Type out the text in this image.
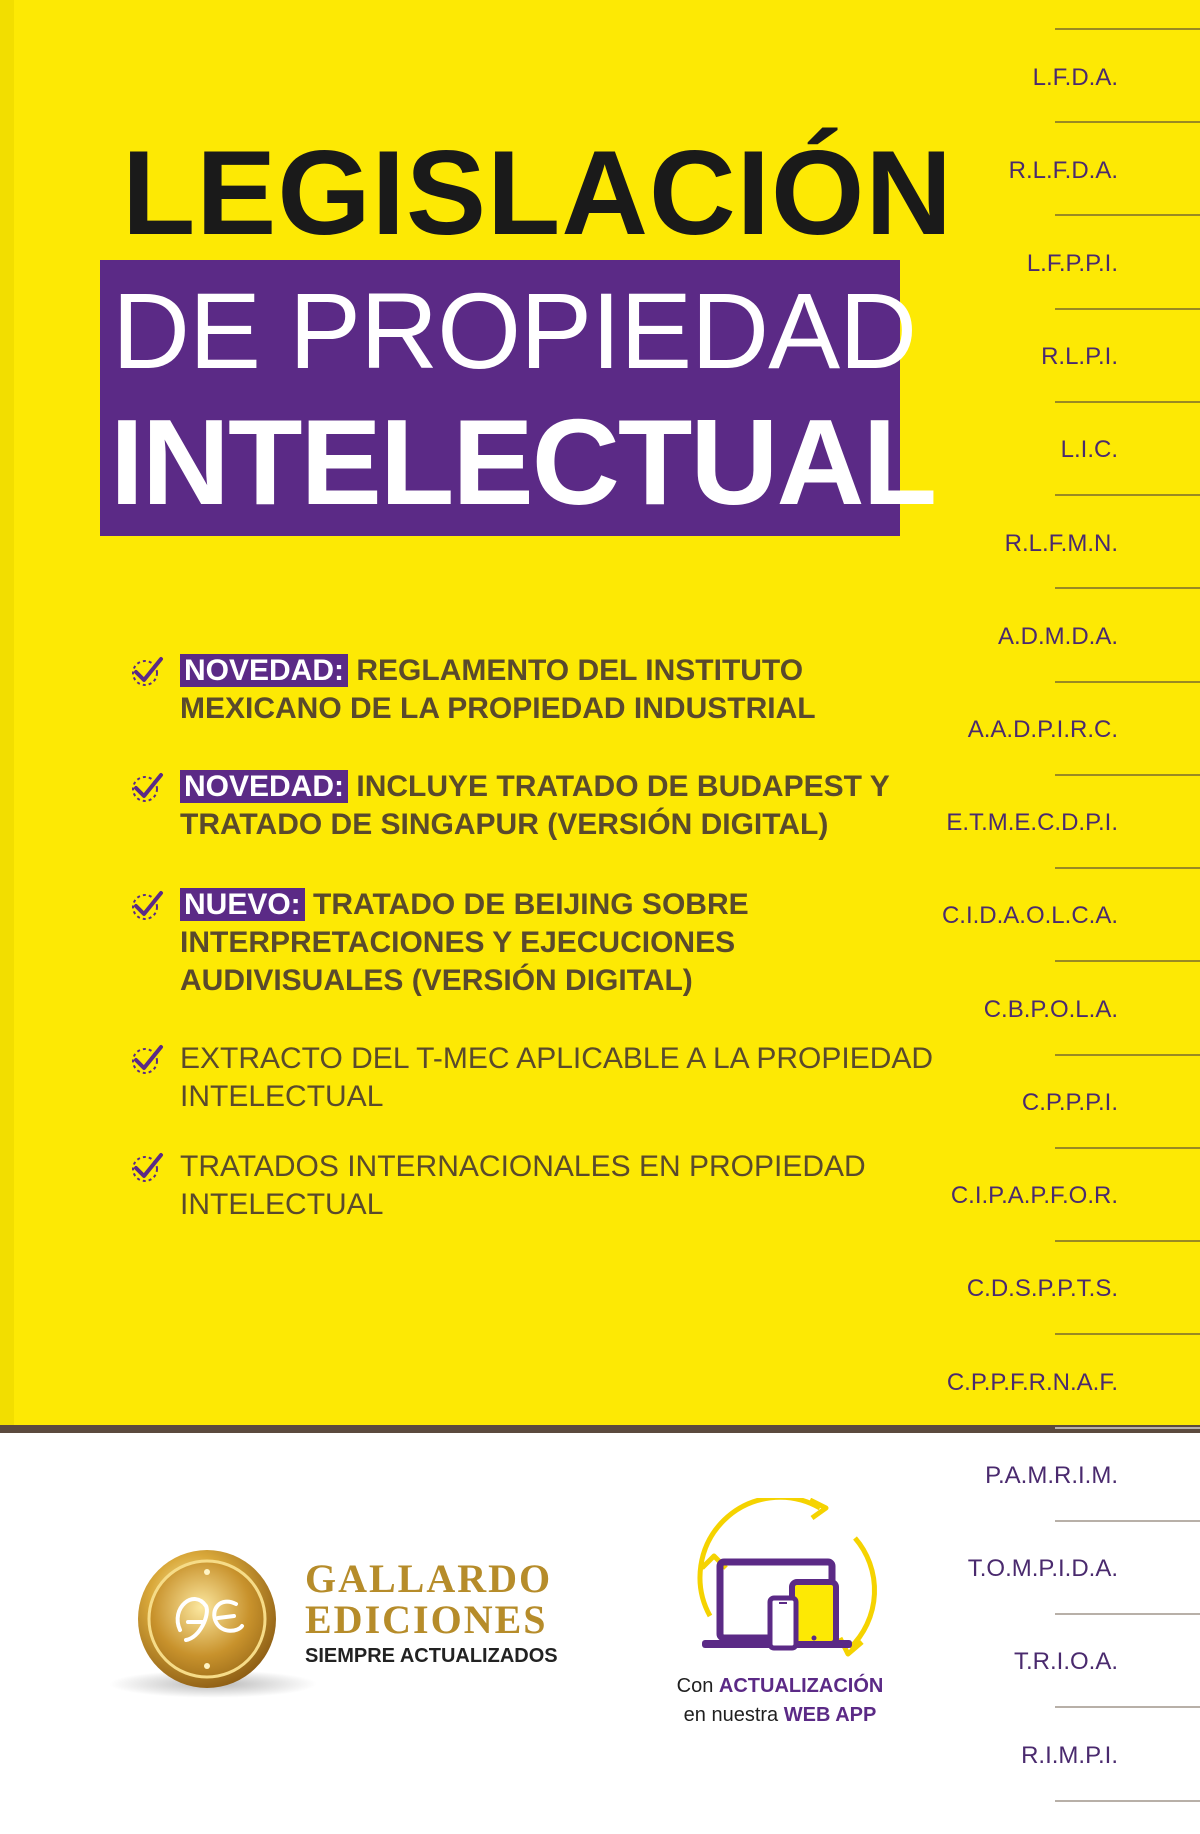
LEGISLACIÓN
DE PROPIEDAD
INTELECTUAL
NOVEDAD: REGLAMENTO DEL INSTITUTO MEXICANO DE LA PROPIEDAD INDUSTRIAL
NOVEDAD: INCLUYE TRATADO DE BUDAPEST Y TRATADO DE SINGAPUR (VERSIÓN DIGITAL)
NUEVO: TRATADO DE BEIJING SOBRE INTERPRETACIONES Y EJECUCIONES AUDIVISUALES (VERSIÓN DIGITAL)
EXTRACTO DEL T-MEC APLICABLE A LA PROPIEDAD INTELECTUAL
TRATADOS INTERNACIONALES EN PROPIEDAD INTELECTUAL
L.F.D.A.
R.L.F.D.A.
L.F.P.P.I.
R.L.P.I.
L.I.C.
R.L.F.M.N.
A.D.M.D.A.
A.A.D.P.I.R.C.
E.T.M.E.C.D.P.I.
C.I.D.A.O.L.C.A.
C.B.P.O.L.A.
C.P.P.P.I.
C.I.P.A.P.F.O.R.
C.D.S.P.P.T.S.
C.P.P.F.R.N.A.F.
P.A.M.R.I.M.
T.O.M.P.I.D.A.
T.R.I.O.A.
R.I.M.P.I.
GALLARDO
EDICIONES
SIEMPRE ACTUALIZADOS
Con ACTUALIZACIÓN
en nuestra WEB APP
